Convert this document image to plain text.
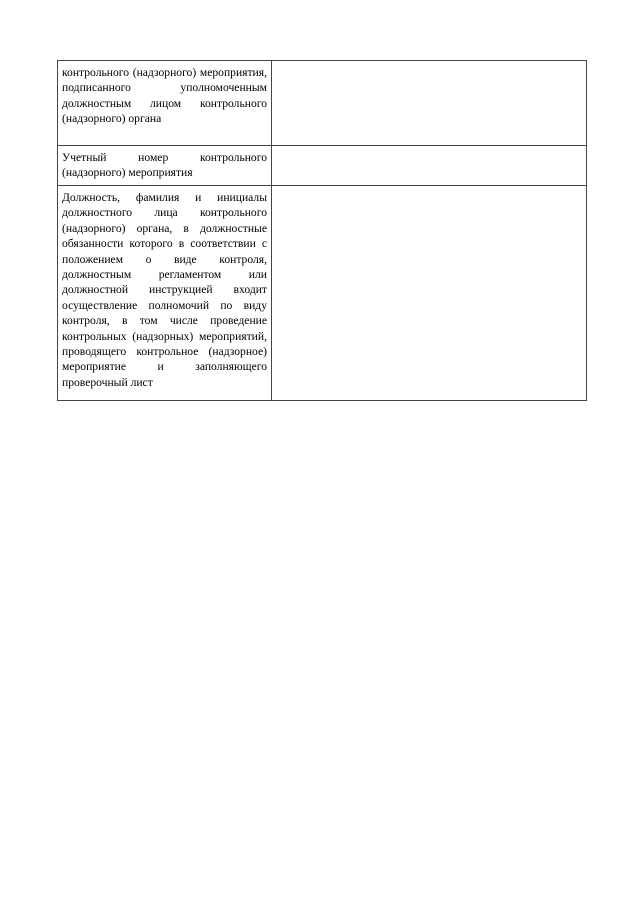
контрольного (надзорного) мероприятия, подписанного уполномоченным должностным лицом контрольного (надзорного) органа	
Учетный номер контрольного (надзорного) мероприятия	
Должность, фамилия и инициалы должностного лица контрольного (надзорного) органа, в должностные обязанности которого в соответствии с положением о виде контроля, должностным регламентом или должностной инструкцией входит осуществление полномочий по виду контроля, в том числе проведение контрольных (надзорных) мероприятий, проводящего контрольное (надзорное) мероприятие и заполняющего проверочный лист	
